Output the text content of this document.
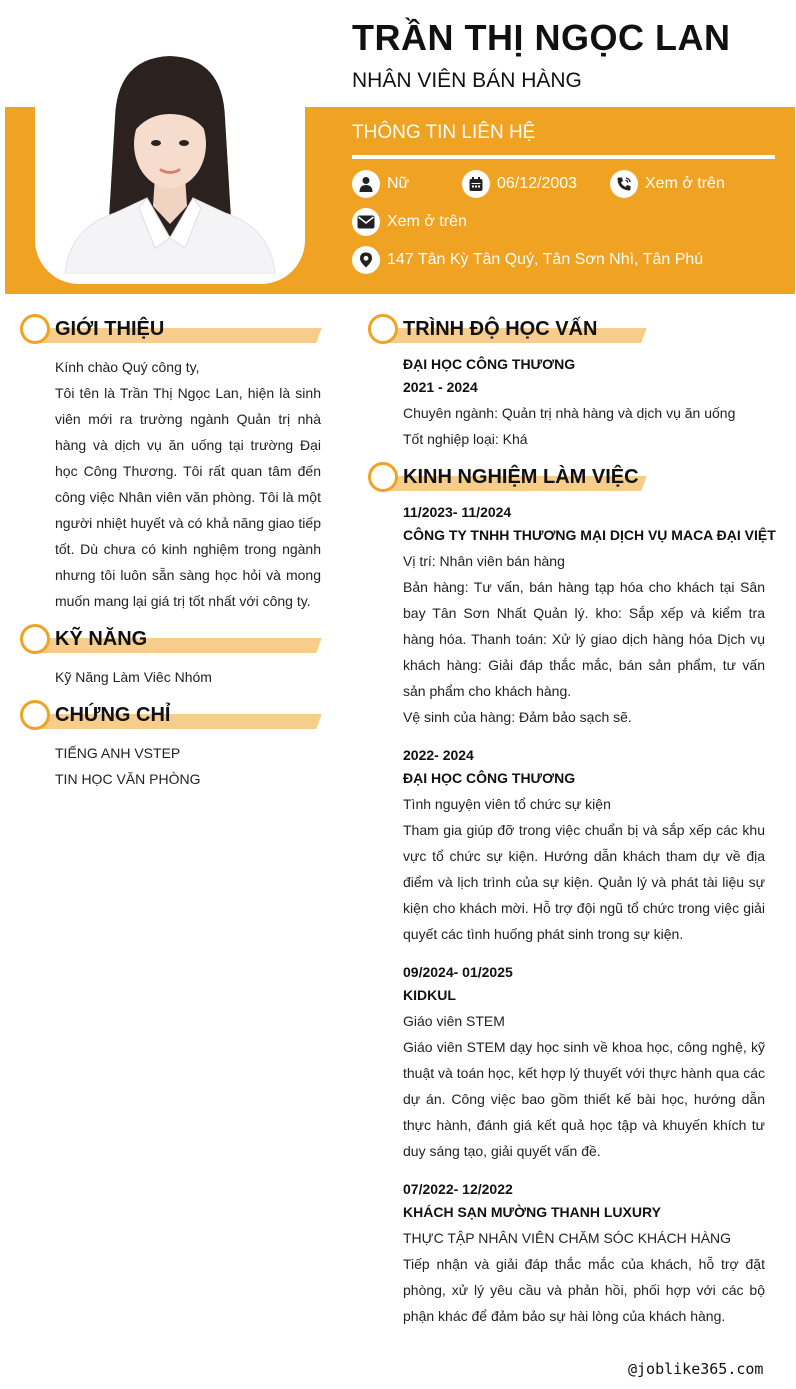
TRẦN THỊ NGỌC LAN
NHÂN VIÊN BÁN HÀNG
THÔNG TIN LIÊN HỆ
Nữ	06/12/2003	Xem ở trên
Xem ở trên
147 Tân Kỳ Tân Quý, Tân Sơn Nhì, Tân Phú
GIỚI THIỆU
Kính chào Quý công ty,
Tôi tên là Trần Thị Ngọc Lan, hiện là sinh viên mới ra trường ngành Quản trị nhà hàng và dịch vụ ăn uống tại trường Đại học Công Thương. Tôi rất quan tâm đến công việc Nhân viên văn phòng. Tôi là một người nhiệt huyết và có khả năng giao tiếp tốt. Dù chưa có kinh nghiệm trong ngành nhưng tôi luôn sẵn sàng học hỏi và mong muốn mang lại giá trị tốt nhất với công ty.
KỸ NĂNG
Kỹ Năng Làm Viêc Nhóm
CHỨNG CHỈ
TIẾNG ANH VSTEP
TIN HỌC VĂN PHÒNG
TRÌNH ĐỘ HỌC VẤN
ĐẠI HỌC CÔNG THƯƠNG
2021 - 2024
Chuyên ngành: Quản trị nhà hàng và dịch vụ ăn uống
Tốt nghiệp loại: Khá
KINH NGHIỆM LÀM VIỆC
11/2023- 11/2024
CÔNG TY TNHH THƯƠNG MẠI DỊCH VỤ MACA ĐẠI VIỆT
Vị trí: Nhân viên bán hàng
Bản hàng: Tư vấn, bán hàng tạp hóa cho khách tại Sân bay Tân Sơn Nhất Quản lý. kho: Sắp xếp và kiểm tra hàng hóa. Thanh toán: Xử lý giao dịch hàng hóa Dịch vụ khách hàng: Giải đáp thắc mắc, bán sản phẩm, tư vấn sản phẩm cho khách hàng.
Vệ sinh của hàng: Đảm bảo sạch sẽ.
2022- 2024
ĐẠI HỌC CÔNG THƯƠNG
Tình nguyện viên tổ chức sự kiện
Tham gia giúp đỡ trong việc chuẩn bị và sắp xếp các khu vực tổ chức sự kiện. Hướng dẫn khách tham dự về địa điểm và lịch trình của sự kiện. Quản lý và phát tài liệu sự kiện cho khách mời. Hỗ trợ đội ngũ tổ chức trong việc giải quyết các tình huống phát sinh trong sự kiện.
09/2024- 01/2025
KIDKUL
Giáo viên STEM
Giáo viên STEM dạy học sinh về khoa học, công nghệ, kỹ thuật và toán học, kết hợp lý thuyết với thực hành qua các dự án. Công việc bao gồm thiết kế bài học, hướng dẫn thực hành, đánh giá kết quả học tập và khuyến khích tư duy sáng tạo, giải quyết vấn đề.
07/2022- 12/2022
KHÁCH SẠN MƯỜNG THANH LUXURY
THỰC TẬP NHÂN VIÊN CHĂM SÓC KHÁCH HÀNG
Tiếp nhận và giải đáp thắc mắc của khách, hỗ trợ đặt phòng, xử lý yêu cầu và phản hồi, phối hợp với các bộ phận khác để đảm bảo sự hài lòng của khách hàng.
@joblike365.com
